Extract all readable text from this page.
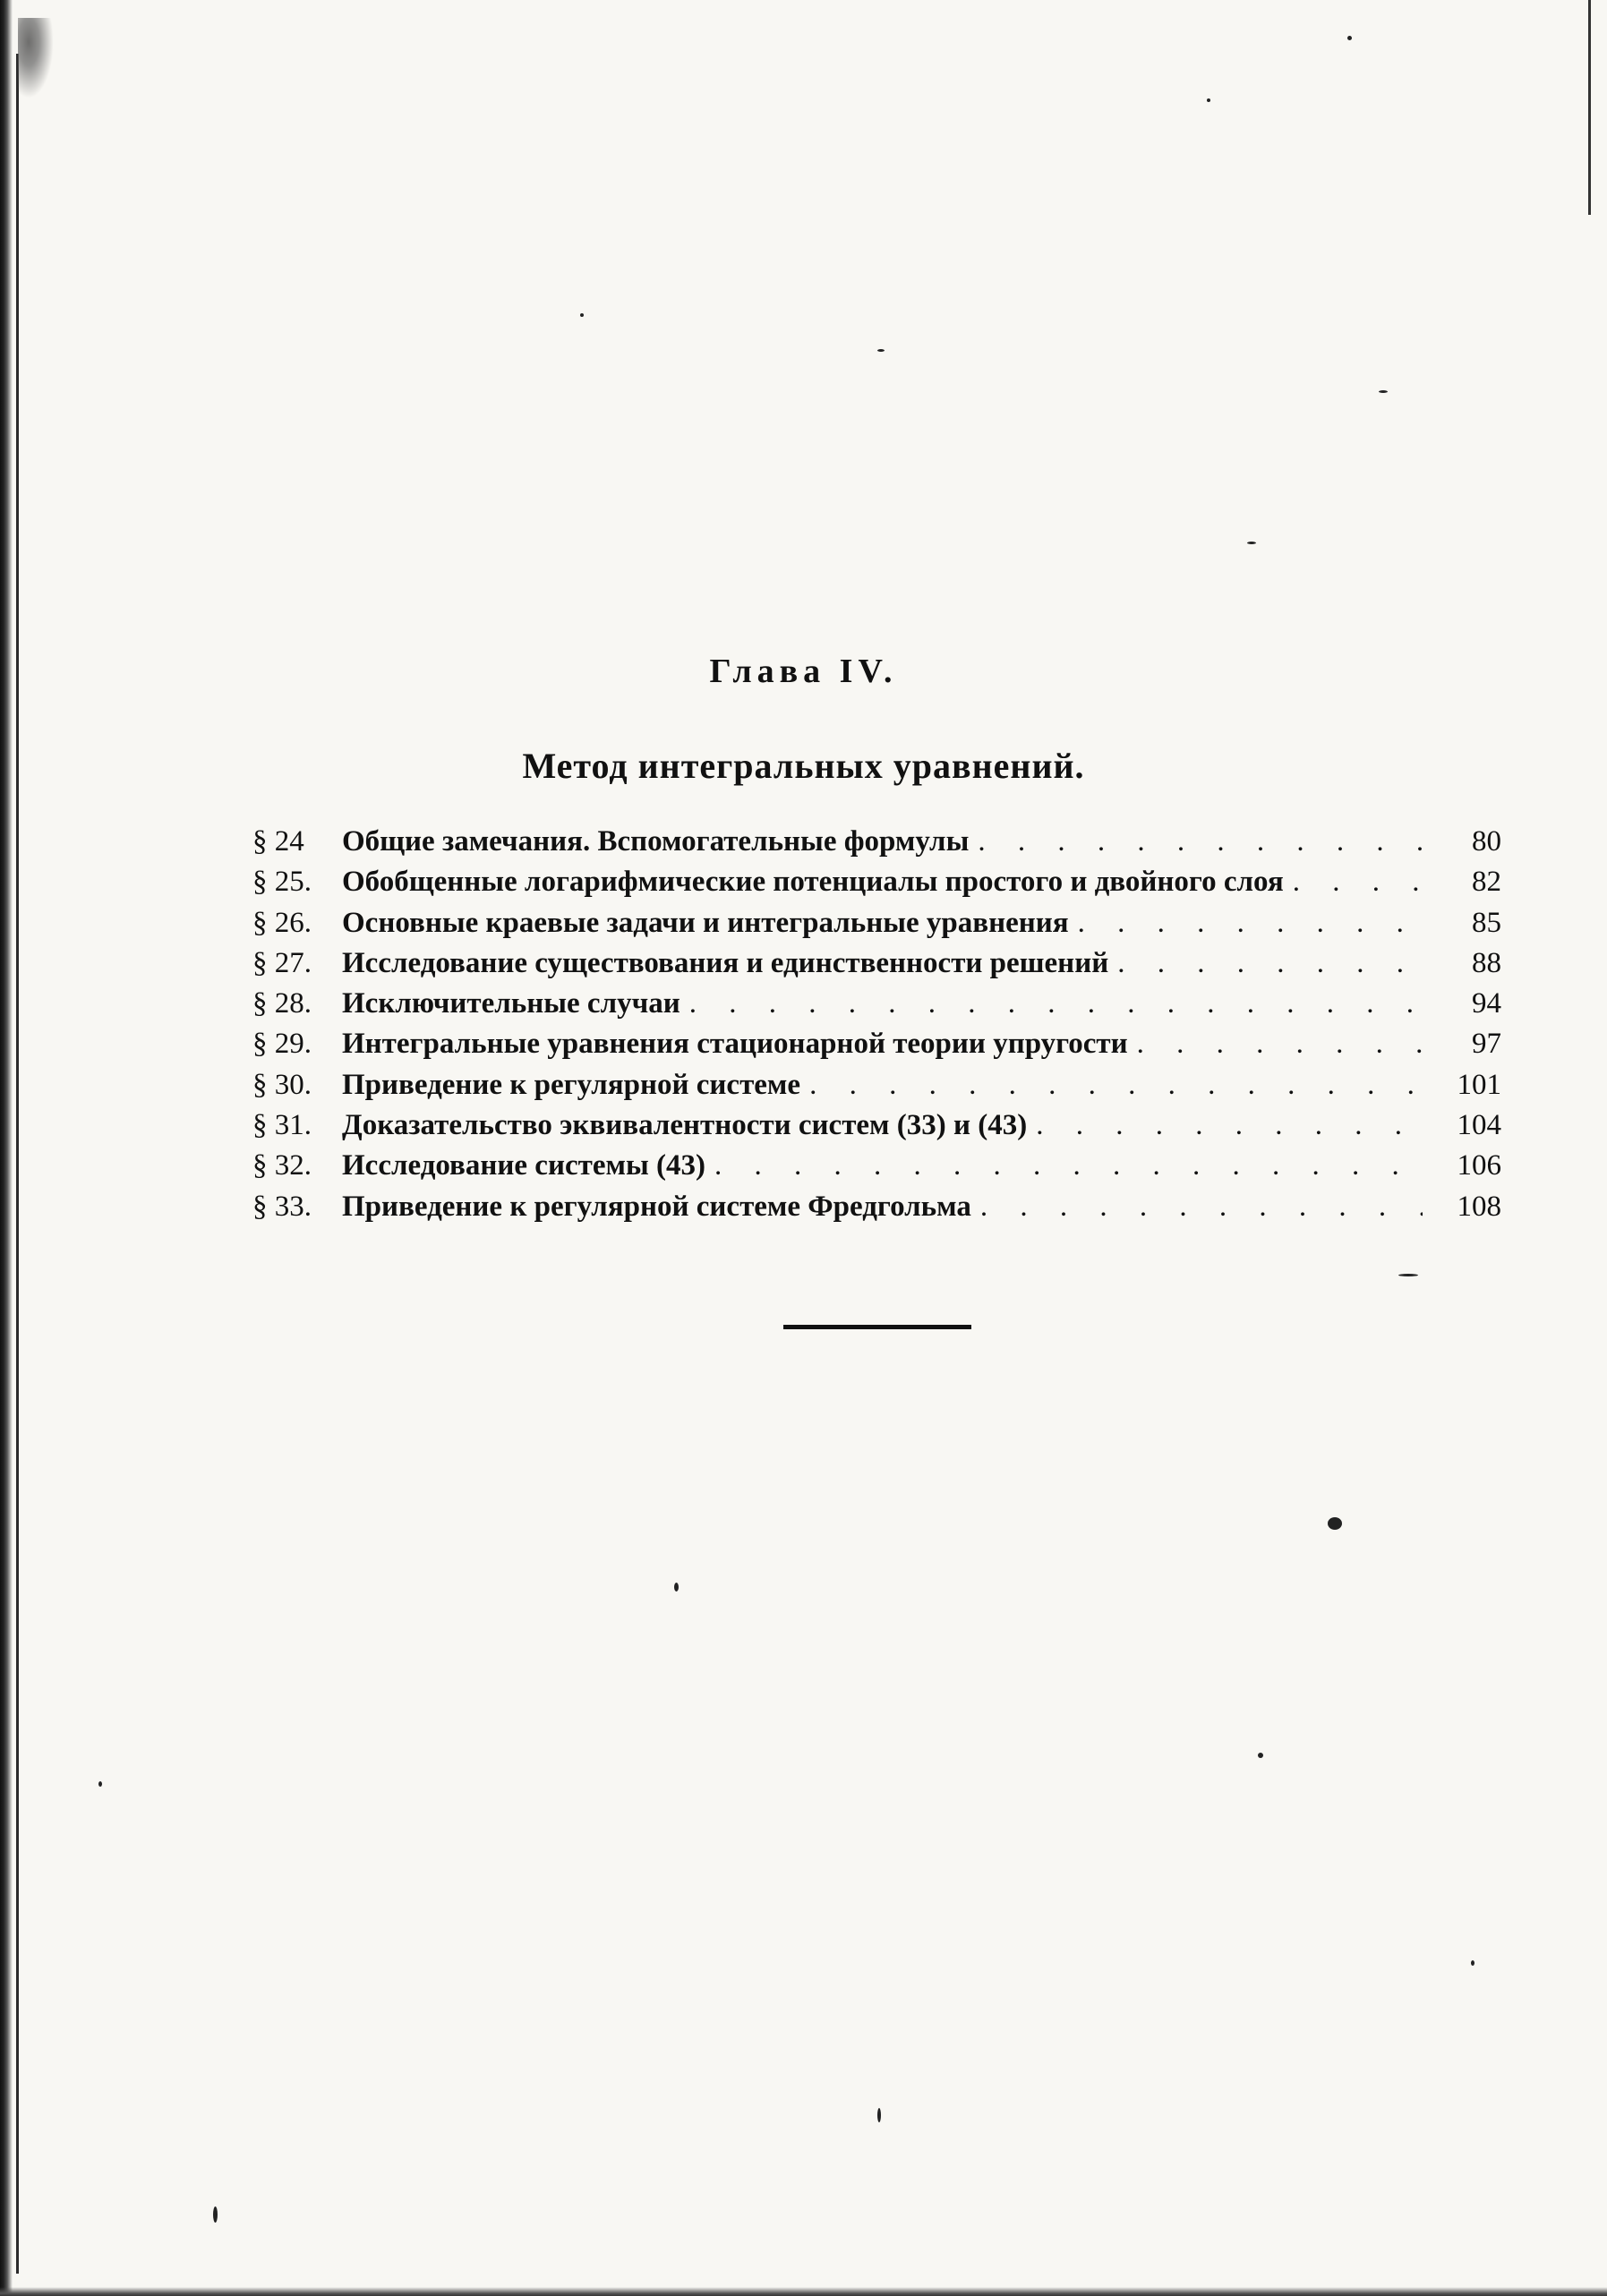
Глава IV.
Метод интегральных уравнений.
§ 24	Общие замечания. Вспомогательные формулы . . .	80
§ 25.	Обобщенные логарифмические потенциалы простого и двойного слоя . . .	82
§ 26.	Основные краевые задачи и интегральные уравнения . . .	85
§ 27.	Исследование существования и единственности решений . . .	88
§ 28.	Исключительные случаи . . .	94
§ 29.	Интегральные уравнения стационарной теории упругости . . .	97
§ 30.	Приведение к регулярной системе . . .	101
§ 31.	Доказательство эквивалентности систем (33) и (43) . . .	104
§ 32.	Исследование системы (43) . . .	106
§ 33.	Приведение к регулярной системе Фредгольма . . .	108
